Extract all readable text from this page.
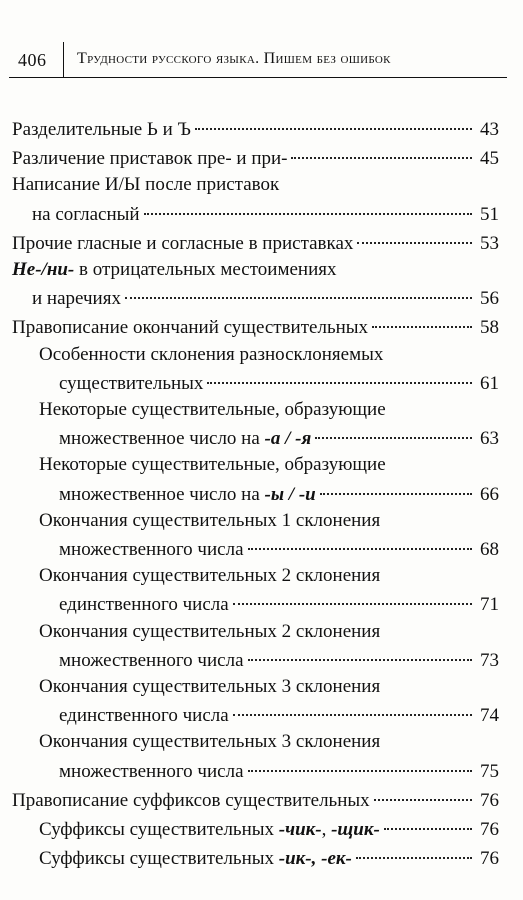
406 Трудности русского языка. Пишем без ошибок
Разделительные Ь и Ъ	43
Различение приставок пре- и при-	45
Написание И/Ы после приставок
на согласный	51
Прочие гласные и согласные в приставках	53
Не-/ни- в отрицательных местоимениях
и наречиях	56
Правописание окончаний существительных	58
Особенности склонения разносклоняемых
существительных	61
Некоторые существительные, образующие
множественное число на -а / -я	63
Некоторые существительные, образующие
множественное число на -ы / -и	66
Окончания существительных 1 склонения
множественного числа	68
Окончания существительных 2 склонения
единственного числа	71
Окончания существительных 2 склонения
множественного числа	73
Окончания существительных 3 склонения
единственного числа	74
Окончания существительных 3 склонения
множественного числа	75
Правописание суффиксов существительных	76
Суффиксы существительных -чик-, -щик-	76
Суффиксы существительных -ик-, -ек-	76
